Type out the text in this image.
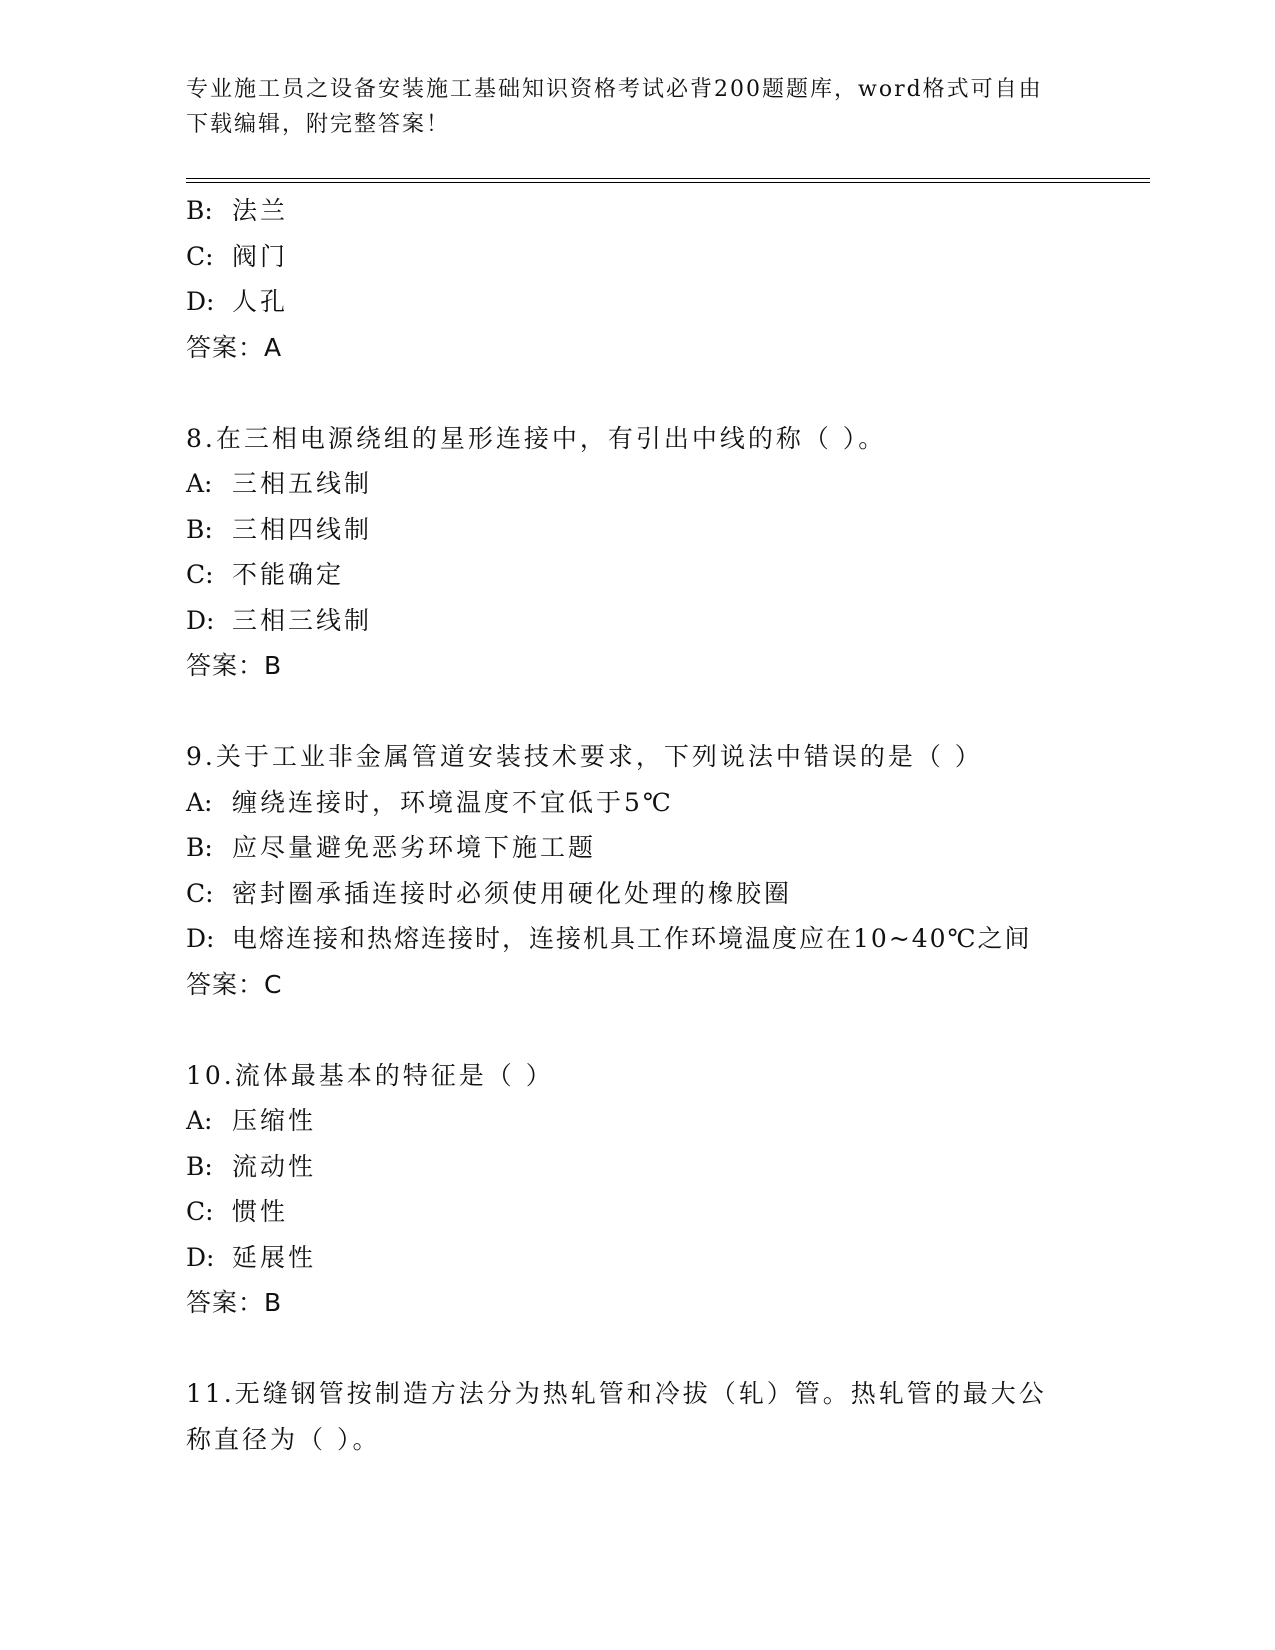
专业施工员之设备安装施工基础知识资格考试必背200题题库，word格式可自由
下载编辑，附完整答案！
B: 法兰
C: 阀门
D: 人孔
答案：A
8.在三相电源绕组的星形连接中，有引出中线的称（ ）。
A: 三相五线制
B: 三相四线制
C: 不能确定
D: 三相三线制
答案：B
9.关于工业非金属管道安装技术要求，下列说法中错误的是（ ）
A: 缠绕连接时，环境温度不宜低于5℃
B: 应尽量避免恶劣环境下施工题
C: 密封圈承插连接时必须使用硬化处理的橡胶圈
D: 电熔连接和热熔连接时，连接机具工作环境温度应在10~40℃之间
答案：C
10.流体最基本的特征是（ ）
A: 压缩性
B: 流动性
C: 惯性
D: 延展性
答案：B
11.无缝钢管按制造方法分为热轧管和冷拔（轧）管。热轧管的最大公
称直径为（ ）。
